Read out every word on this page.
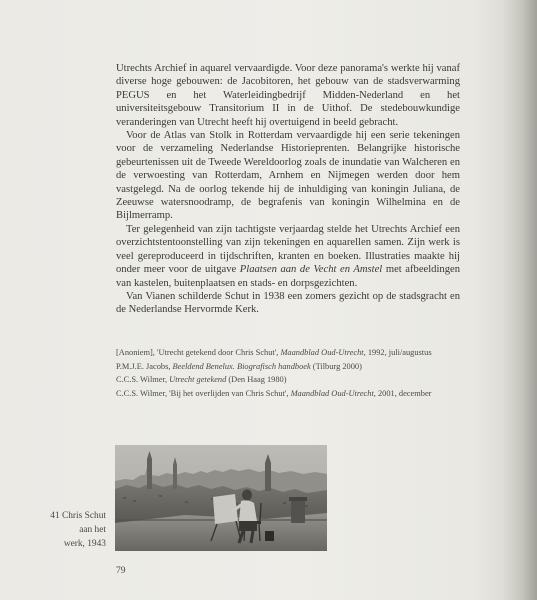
Utrechts Archief in aquarel vervaardigde. Voor deze panorama's werkte hij vanaf diverse hoge gebouwen: de Jacobitoren, het gebouw van de stadsverwarming PEGUS en het Waterleidingbedrijf Midden-Nederland en het universiteitsgebouw Transitorium II in de Uithof. De stedebouwkundige veranderingen van Utrecht heeft hij overtuigend in beeld gebracht.

Voor de Atlas van Stolk in Rotterdam vervaardigde hij een serie tekeningen voor de verzameling Nederlandse Historieprenten. Belangrijke historische gebeurtenissen uit de Tweede Wereldoorlog zoals de inundatie van Walcheren en de verwoesting van Rotterdam, Arnhem en Nijmegen werden door hem vastgelegd. Na de oorlog tekende hij de inhuldiging van koningin Juliana, de Zeeuwse watersnoodramp, de begrafenis van koningin Wilhelmina en de Bijlmerramp.

Ter gelegenheid van zijn tachtigste verjaardag stelde het Utrechts Archief een overzichtstentoonstelling van zijn tekeningen en aquarellen samen. Zijn werk is veel gereproduceerd in tijdschriften, kranten en boeken. Illustraties maakte hij onder meer voor de uitgave Plaatsen aan de Vecht en Amstel met afbeeldingen van kastelen, buitenplaatsen en stads- en dorpsgezichten.

Van Vianen schilderde Schut in 1938 een zomers gezicht op de stadsgracht en de Nederlandse Hervormde Kerk.

[Anoniem], 'Utrecht getekend door Chris Schut', Maandblad Oud-Utrecht, 1992, juli/augustus
P.M.J.E. Jacobs, Beeldend Benelux. Biografisch handboek (Tilburg 2000)
C.C.S. Wilmer, Utrecht getekend (Den Haag 1980)
C.C.S. Wilmer, 'Bij het overlijden van Chris Schut', Maandblad Oud-Utrecht, 2001, december
41 Chris Schut aan het
werk, 1943
79
